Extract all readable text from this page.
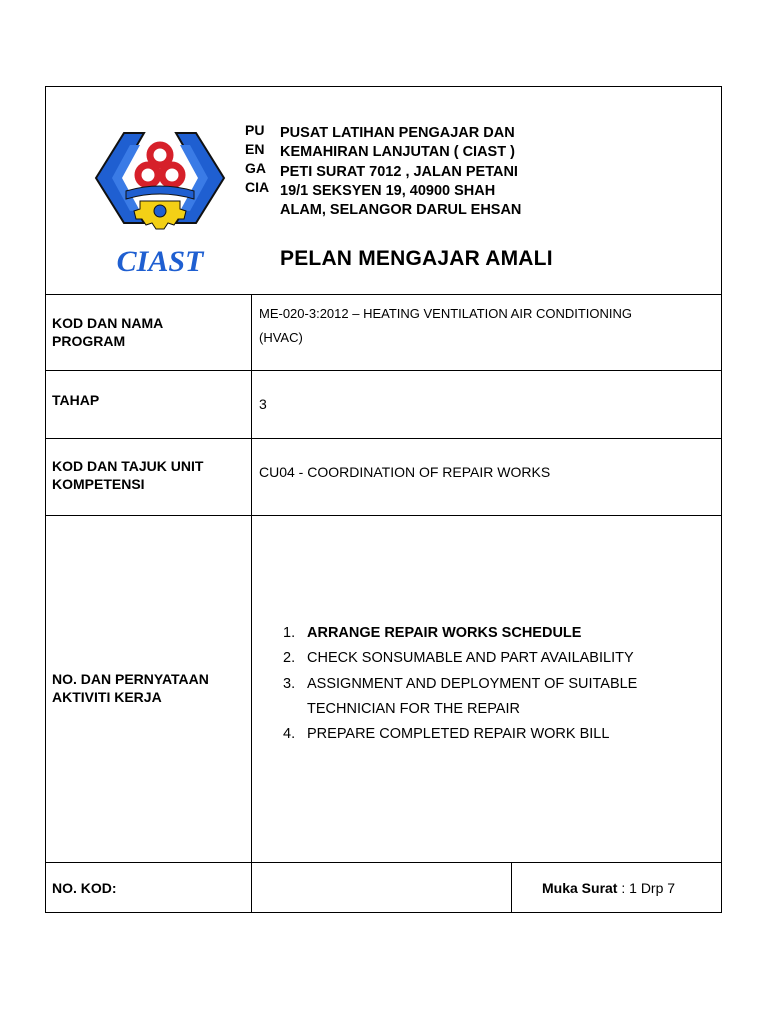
CIAST
PU
EN
GA
CIA
PUSAT LATIHAN PENGAJAR DAN
KEMAHIRAN LANJUTAN ( CIAST )
PETI SURAT 7012 , JALAN PETANI
19/1 SEKSYEN 19, 40900 SHAH
ALAM, SELANGOR DARUL EHSAN
PELAN MENGAJAR AMALI
KOD DAN NAMA
PROGRAM
ME-020-3:2012 – HEATING VENTILATION AIR CONDITIONING
(HVAC)
TAHAP	3
KOD DAN TAJUK UNIT
KOMPETENSI
CU04 - COORDINATION OF REPAIR WORKS
NO. DAN PERNYATAAN
AKTIVITI KERJA
1. ARRANGE REPAIR WORKS SCHEDULE
2. CHECK SONSUMABLE AND PART AVAILABILITY
3. ASSIGNMENT AND DEPLOYMENT OF SUITABLE
TECHNICIAN FOR THE REPAIR
4. PREPARE COMPLETED REPAIR WORK BILL
NO. KOD:	Muka Surat : 1 Drp 7
